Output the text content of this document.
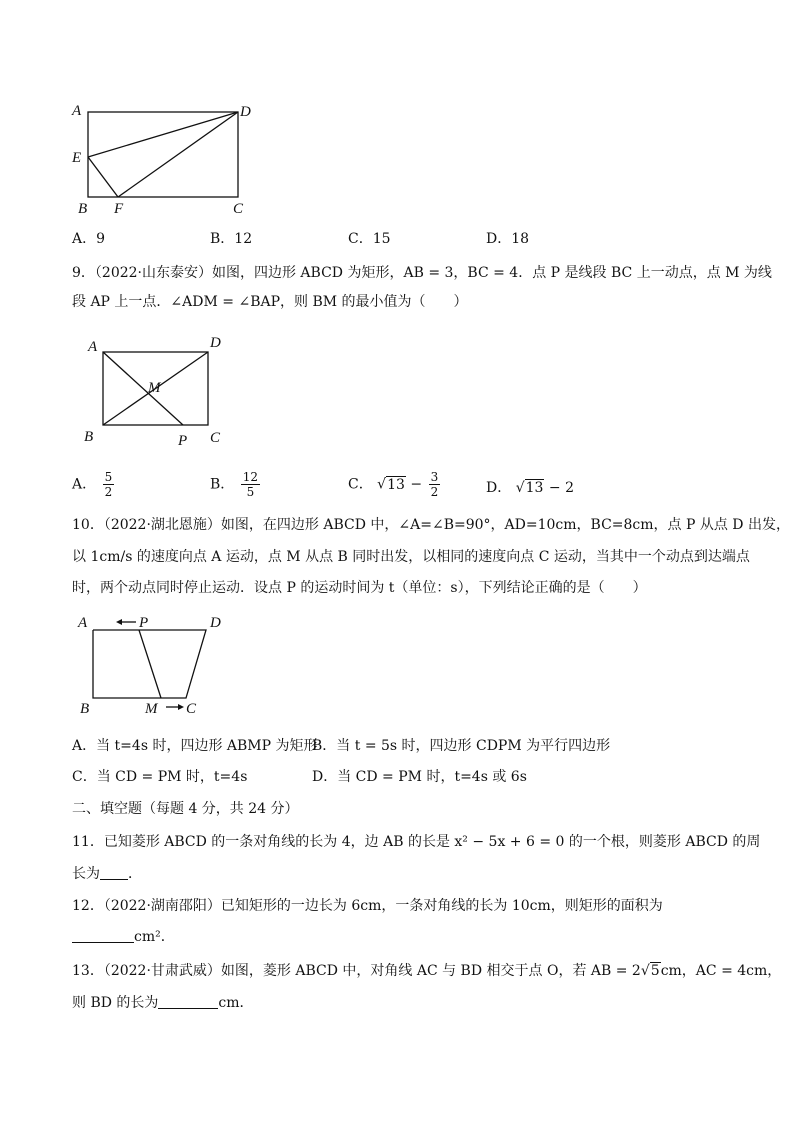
A	D
E
B F	C
A．9	B．12	C．15	D．18
9．（2022·山东泰安）如图，四边形 ABCD 为矩形，AB = 3，BC = 4．点 P 是线段 BC 上一动点，点 M 为线
段 AP 上一点．∠ADM = ∠BAP，则 BM 的最小值为（　　）
A	D
M
B	P C
A． $\frac{5}{2}$	B． $\frac{12}{5}$	C． $√13 - \frac{3}{2}$	D． √13 − 2
10．（2022·湖北恩施）如图，在四边形 ABCD 中，∠A=∠B=90°，AD=10cm，BC=8cm，点 P 从点 D 出发，
以 1cm/s 的速度向点 A 运动，点 M 从点 B 同时出发，以相同的速度向点 C 运动，当其中一个动点到达端点
时，两个动点同时停止运动．设点 P 的运动时间为 t（单位：s），下列结论正确的是（　　）
A	P	D
B	M C
A．当 t=4s 时，四边形 ABMP 为矩形
B．当 t = 5s 时，四边形 CDPM 为平行四边形
C．当 CD = PM 时，t=4s	D．当 CD = PM 时，t=4s 或 6s
二、填空题（每题 4 分，共 24 分）
11．已知菱形 ABCD 的一条对角线的长为 4，边 AB 的长是 x² − 5x + 6 = 0 的一个根，则菱形 ABCD 的周
长为 ．
12．（2022·湖南邵阳）已知矩形的一边长为 6cm，一条对角线的长为 10cm，则矩形的面积为
cm²．
13．（2022·甘肃武威）如图，菱形 ABCD 中，对角线 AC 与 BD 相交于点 O，若 AB = 2√5cm，AC = 4cm，
则 BD 的长为	cm．
